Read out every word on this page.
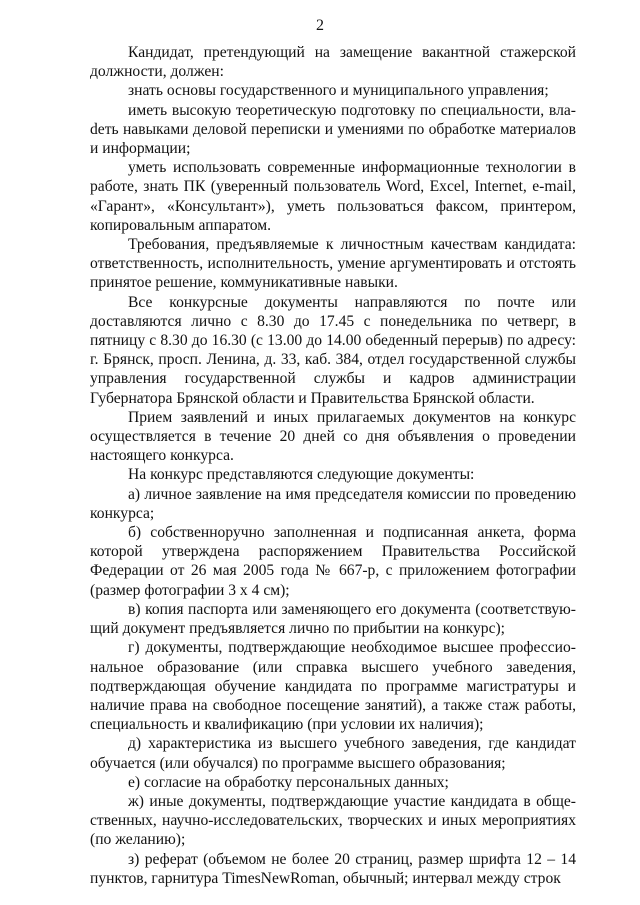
2

Кандидат, претендующий на замещение вакантной стажерской должности, должен:

знать основы государственного и муниципального управления;

иметь высокую теоретическую подготовку по специальности, влаdеть навыками деловой переписки и умениями по обработке материалов и информации;

уметь использовать современные информационные технологии в работе, знать ПК (уверенный пользователь Word, Excel, Internet, e-mail, «Гарант», «Консультант»), уметь пользоваться факсом, принтером, копировальным аппаратом.

Требования, предъявляемые к личностным качествам кандидата: ответственность, исполнительность, умение аргументировать и отстоять принятое решение, коммуникативные навыки.

Все конкурсные документы направляются по почте или доставляются лично с 8.30 до 17.45 с понедельника по четверг, в пятницу с 8.30 до 16.30 (с 13.00 до 14.00 обеденный перерыв) по адресу: г. Брянск, просп. Ленина, д. 33, каб. 384, отдел государственной службы управления государственной службы и кадров администрации Губернатора Брянской области и Правительства Брянской области.

Прием заявлений и иных прилагаемых документов на конкурс осуществляется в течение 20 дней со дня объявления о проведении настоящего конкурса.

На конкурс представляются следующие документы:

а) личное заявление на имя председателя комиссии по проведению конкурса;

б) собственноручно заполненная и подписанная анкета, форма которой утверждена распоряжением Правительства Российской Федерации от 26 мая 2005 года № 667-р, с приложением фотографии (размер фотографии 3 х 4 см);

в) копия паспорта или заменяющего его документа (соответствующий документ предъявляется лично по прибытии на конкурс);

г) документы, подтверждающие необходимое высшее профессиональное образование (или справка высшего учебного заведения, подтверждающая обучение кандидата по программе магистратуры и наличие права на свободное посещение занятий), а также стаж работы, специальность и квалификацию (при условии их наличия);

д) характеристика из высшего учебного заведения, где кандидат обучается (или обучался) по программе высшего образования;

е) согласие на обработку персональных данных;

ж) иные документы, подтверждающие участие кандидата в общественных, научно-исследовательских, творческих и иных мероприятиях (по желанию);

з) реферат (объемом не более 20 страниц, размер шрифта 12 – 14 пунктов, гарнитура TimesNewRoman, обычный; интервал между строк
